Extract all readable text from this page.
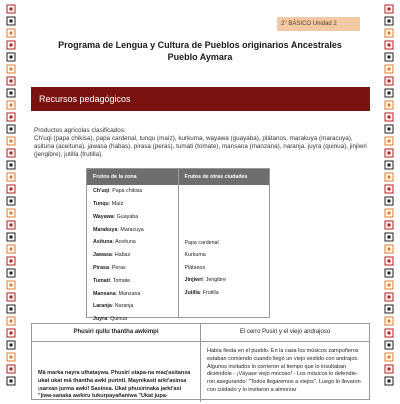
2° BÁSICO Unidad 2
Programa de Lengua y Cultura de Pueblos originarios Ancestrales
Pueblo Aymara
Recursos pedagógicos
Productos agrícolas clasificados:
Ch'uqi (papa chikisa), papa cardenal, tunqu (maíz), kurkuma, wayawa (guayaba), plátanos, marakuya (maracuya), asituna (aceituna), jawasa (habas), pirasa (peras), tumati (tomate), mansana (manzana), naranja, juyra (quinua), jinjiwri (jengibre), jutilla (frutilla).
Frutos de la zona	Frutos de otras ciudades
Ch'uqi: Papa chikisa
Tunqu: Maíz
Wayawa: Guayaba
Marakuya: Maracuya
Asituna: Aceituna
Jawasa: Habas
Pirasa: Peras
Tumati: Tomate
Mansana: Manzana
Laranja: Naranja
Juyra: Quinua
Papa cardenal
Kurkuma
Plátanos
Jinjiwri: Jengibre
Jutilla: Frutilla
Phusiri qullu thantha awkimpi	El cerro Pusiri y el viejo andrajoso
Mä marka nayra uthataywa. Phusiri utapa-na maq'asitanxa ukat ukat mä thantha awki purinti. Maynikasti arkt'asinsa ¡sarxan jurma awki! Sasinsa. Ukat phusirinaka jarkt'asi "jiwa-sanaka awkiru tukurpayañaniwa "Ukat jupa-
Había fiesta en el pueblo. En la casa los músicos zampoñeros estaban comiendo cuando llegó un viejo vestido con andrajos. Algunos invitados lo corrieron al tiempo que lo insultaban diciéndole - ¡Váyase viejo mocoso! - Los músicos lo defendie-ron asegurando: "Todos llegaremos a viejos". Luego lo llevaron con cuidado y lo invitaron a almorzar
